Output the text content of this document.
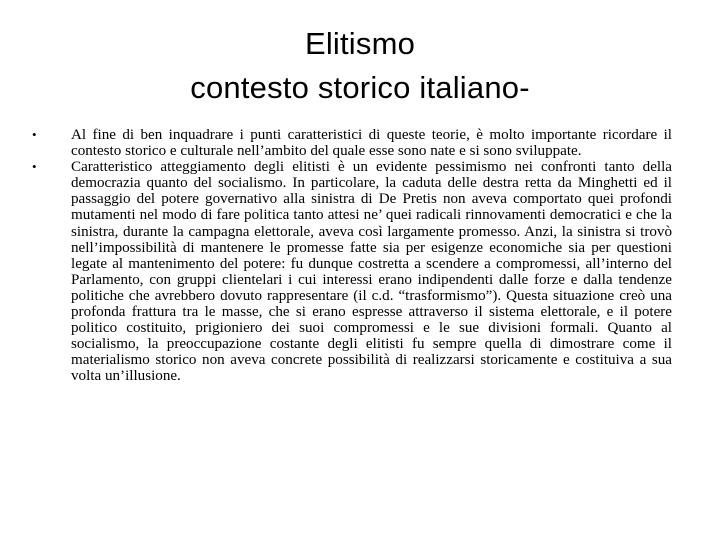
Elitismo
contesto storico italiano-
•	Al fine di ben inquadrare i punti caratteristici di queste teorie, è molto importante ricordare il contesto storico e culturale nell’ambito del quale esse sono nate e si sono sviluppate.
•	Caratteristico atteggiamento degli elitisti è un evidente pessimismo nei confronti tanto della democrazia quanto del socialismo. In particolare, la caduta delle destra retta da Minghetti ed il passaggio del potere governativo alla sinistra di De Pretis non aveva comportato quei profondi mutamenti nel modo di fare politica tanto attesi ne’ quei radicali rinnovamenti democratici e che la sinistra, durante la campagna elettorale, aveva così largamente promesso. Anzi, la sinistra si trovò nell’impossibilità di mantenere le promesse fatte sia per esigenze economiche sia per questioni legate al mantenimento del potere: fu dunque costretta a scendere a compromessi, all’interno del Parlamento, con gruppi clientelari i cui interessi erano indipendenti dalle forze e dalla tendenze politiche che avrebbero dovuto rappresentare (il c.d. “trasformismo”). Questa situazione creò una profonda frattura tra le masse, che si erano espresse attraverso il sistema elettorale, e il potere politico costituito, prigioniero dei suoi compromessi e le sue divisioni formali. Quanto al socialismo, la preoccupazione costante degli elitisti fu sempre quella di dimostrare come il materialismo storico non aveva concrete possibilità di realizzarsi storicamente e costituiva a sua volta un’illusione.
